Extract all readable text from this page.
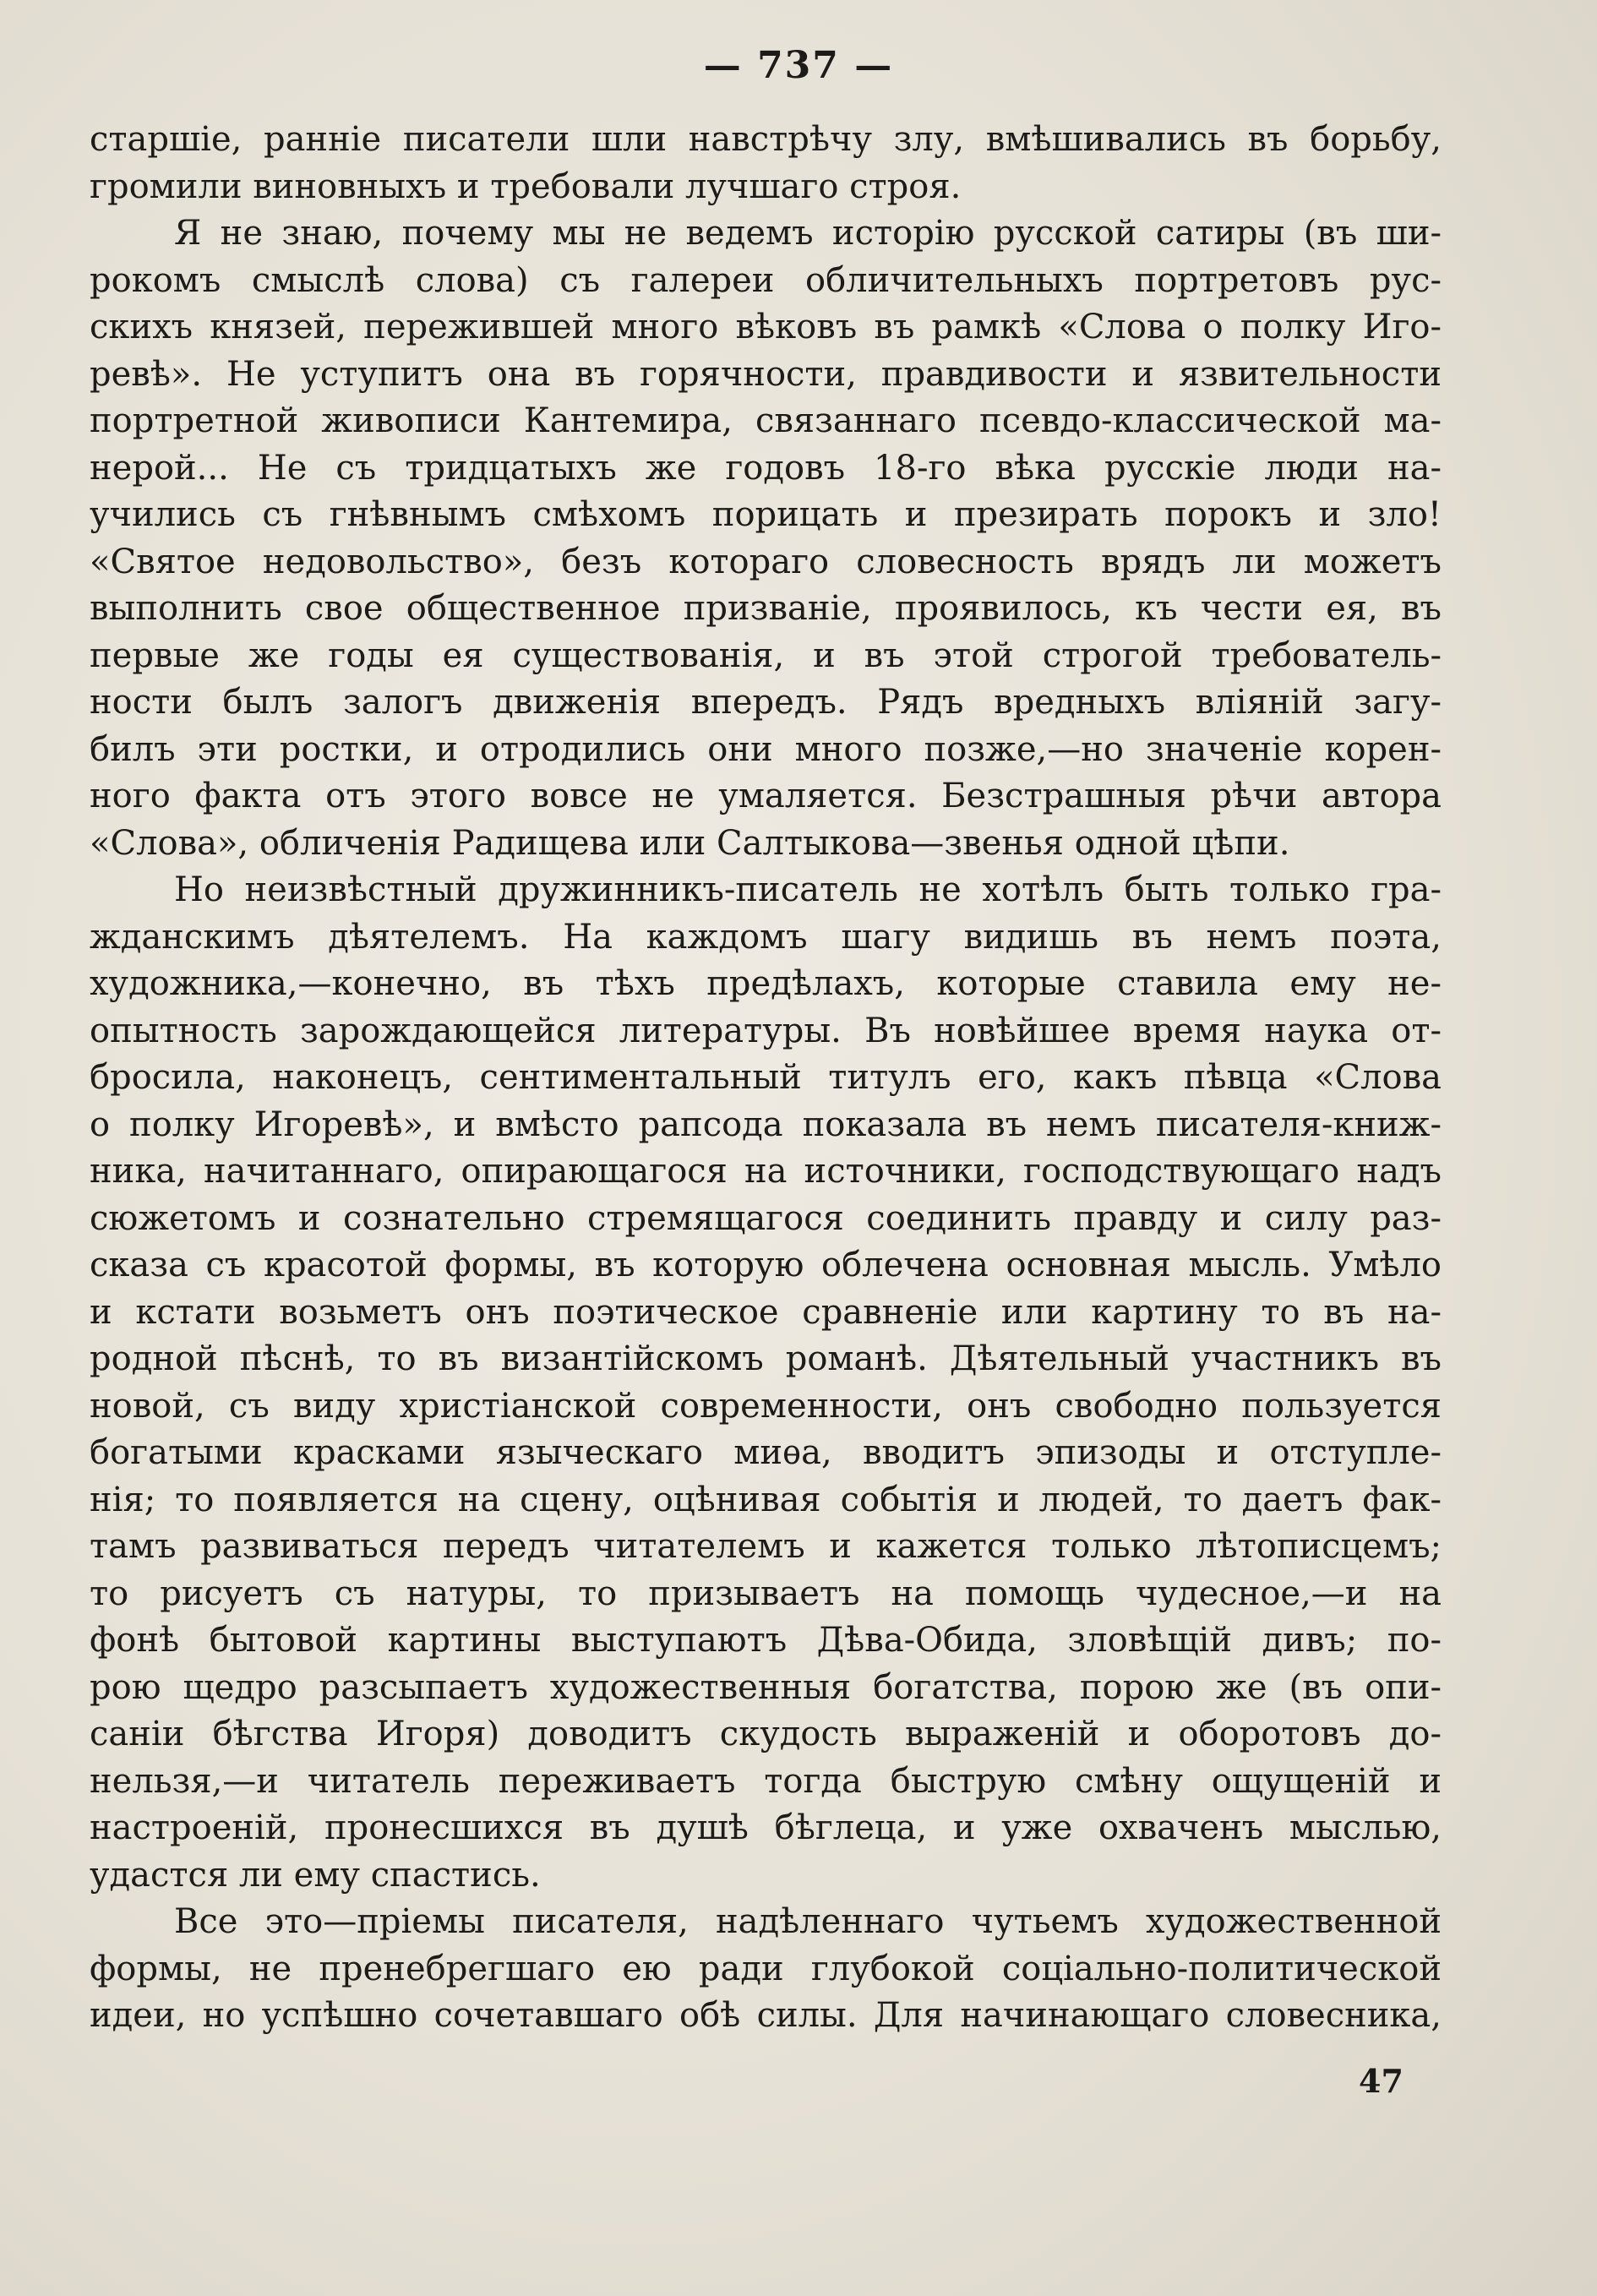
— 737 —
старшіе, ранніе писатели шли навстрѣчу злу, вмѣшивались въ борьбу,
громили виновныхъ и требовали лучшаго строя.
Я не знаю, почему мы не ведемъ исторію русской сатиры (въ ши-
рокомъ смыслѣ слова) съ галереи обличительныхъ портретовъ рус-
скихъ князей, пережившей много вѣковъ въ рамкѣ «Слова о полку Иго-
ревѣ». Не уступитъ она въ горячности, правдивости и язвительности
портретной живописи Кантемира, связаннаго псевдо-классической ма-
нерой... Не съ тридцатыхъ же годовъ 18-го вѣка русскіе люди на-
учились съ гнѣвнымъ смѣхомъ порицать и презирать порокъ и зло!
«Святое недовольство», безъ котораго словесность врядъ ли можетъ
выполнить свое общественное призваніе, проявилось, къ чести ея, въ
первые же годы ея существованія, и въ этой строгой требователь-
ности былъ залогъ движенія впередъ. Рядъ вредныхъ вліяній загу-
билъ эти ростки, и отродились они много позже,—но значеніе корен-
ного факта отъ этого вовсе не умаляется. Безстрашныя рѣчи автора
«Слова», обличенія Радищева или Салтыкова—звенья одной цѣпи.
Но неизвѣстный дружинникъ-писатель не хотѣлъ быть только гра-
жданскимъ дѣятелемъ. На каждомъ шагу видишь въ немъ поэта,
художника,—конечно, въ тѣхъ предѣлахъ, которые ставила ему не-
опытность зарождающейся литературы. Въ новѣйшее время наука от-
бросила, наконецъ, сентиментальный титулъ его, какъ пѣвца «Слова
о полку Игоревѣ», и вмѣсто рапсода показала въ немъ писателя-книж-
ника, начитаннаго, опирающагося на источники, господствующаго надъ
сюжетомъ и сознательно стремящагося соединить правду и силу раз-
сказа съ красотой формы, въ которую облечена основная мысль. Умѣло
и кстати возьметъ онъ поэтическое сравненіе или картину то въ на-
родной пѣснѣ, то въ византійскомъ романѣ. Дѣятельный участникъ въ
новой, съ виду христіанской современности, онъ свободно пользуется
богатыми красками языческаго миѳа, вводитъ эпизоды и отступле-
нія; то появляется на сцену, оцѣнивая событія и людей, то даетъ фак-
тамъ развиваться передъ читателемъ и кажется только лѣтописцемъ;
то рисуетъ съ натуры, то призываетъ на помощь чудесное,—и на
фонѣ бытовой картины выступаютъ Дѣва-Обида, зловѣщій дивъ; по-
рою щедро разсыпаетъ художественныя богатства, порою же (въ опи-
саніи бѣгства Игоря) доводитъ скудость выраженій и оборотовъ до-
нельзя,—и читатель переживаетъ тогда быструю смѣну ощущеній и
настроеній, пронесшихся въ душѣ бѣглеца, и уже охваченъ мыслью,
удастся ли ему спастись.
Все это—пріемы писателя, надѣленнаго чутьемъ художественной
формы, не пренебрегшаго ею ради глубокой соціально-политической
идеи, но успѣшно сочетавшаго обѣ силы. Для начинающаго словесника,
47
